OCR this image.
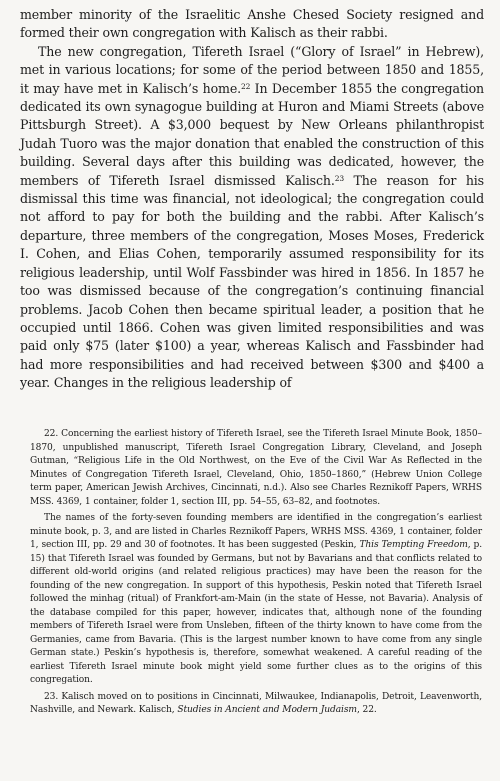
member minority of the Israelitic Anshe Chesed Society resigned and formed their own congregation with Kalisch as their rabbi.

The new congregation, Tifereth Israel (“Glory of Israel” in Hebrew), met in various locations; for some of the period between 1850 and 1855, it may have met in Kalisch’s home.$^{22}$ In December 1855 the congregation dedicated its own synagogue building at Huron and Miami Streets (above Pittsburgh Street). A $3,000 bequest by New Orleans philanthropist Judah Tuoro was the major donation that enabled the construction of this building. Several days after this building was dedicated, however, the members of Tifereth Israel dismissed Kalisch.$^{23}$ The reason for his dismissal this time was financial, not ideological; the congregation could not afford to pay for both the building and the rabbi. After Kalisch’s departure, three members of the congregation, Moses Moses, Frederick I. Cohen, and Elias Cohen, temporarily assumed responsibility for its religious leadership, until Wolf Fassbinder was hired in 1856. In 1857 he too was dismissed because of the congregation’s continuing financial problems. Jacob Cohen then became spiritual leader, a position that he occupied until 1866. Cohen was given limited responsibilities and was paid only $75 (later $100) a year, whereas Kalisch and Fassbinder had had more responsibilities and had received between $300 and $400 a year. Changes in the religious leadership of

22. Concerning the earliest history of Tifereth Israel, see the Tifereth Israel Minute Book, 1850–1870, unpublished manuscript, Tifereth Israel Congregation Library, Cleveland, and Joseph Gutman, “Religious Life in the Old Northwest, on the Eve of the Civil War As Reflected in the Minutes of Congregation Tifereth Israel, Cleveland, Ohio, 1850–1860,” (Hebrew Union College term paper, American Jewish Archives, Cincinnati, n.d.). Also see Charles Reznikoff Papers, WRHS MSS. 4369, 1 container, folder 1, section III, pp. 54–55, 63–82, and footnotes.

The names of the forty-seven founding members are identified in the congregation’s earliest minute book, p. 3, and are listed in Charles Reznikoff Papers, WRHS MSS. 4369, 1 container, folder 1, section III, pp. 29 and 30 of footnotes. It has been suggested (Peskin, This Tempting Freedom, p. 15) that Tifereth Israel was founded by Germans, but not by Bavarians and that conflicts related to different old-world origins (and related religious practices) may have been the reason for the founding of the new congregation. In support of this hypothesis, Peskin noted that Tifereth Israel followed the minhag (ritual) of Frankfort-am-Main (in the state of Hesse, not Bavaria). Analysis of the database compiled for this paper, however, indicates that, although none of the founding members of Tifereth Israel were from Unsleben, fifteen of the thirty known to have come from the Germanies, came from Bavaria. (This is the largest number known to have come from any single German state.) Peskin’s hypothesis is, therefore, somewhat weakened. A careful reading of the earliest Tifereth Israel minute book might yield some further clues as to the origins of this congregation.

23. Kalisch moved on to positions in Cincinnati, Milwaukee, Indianapolis, Detroit, Leavenworth, Nashville, and Newark. Kalisch, Studies in Ancient and Modern Judaism, 22.
